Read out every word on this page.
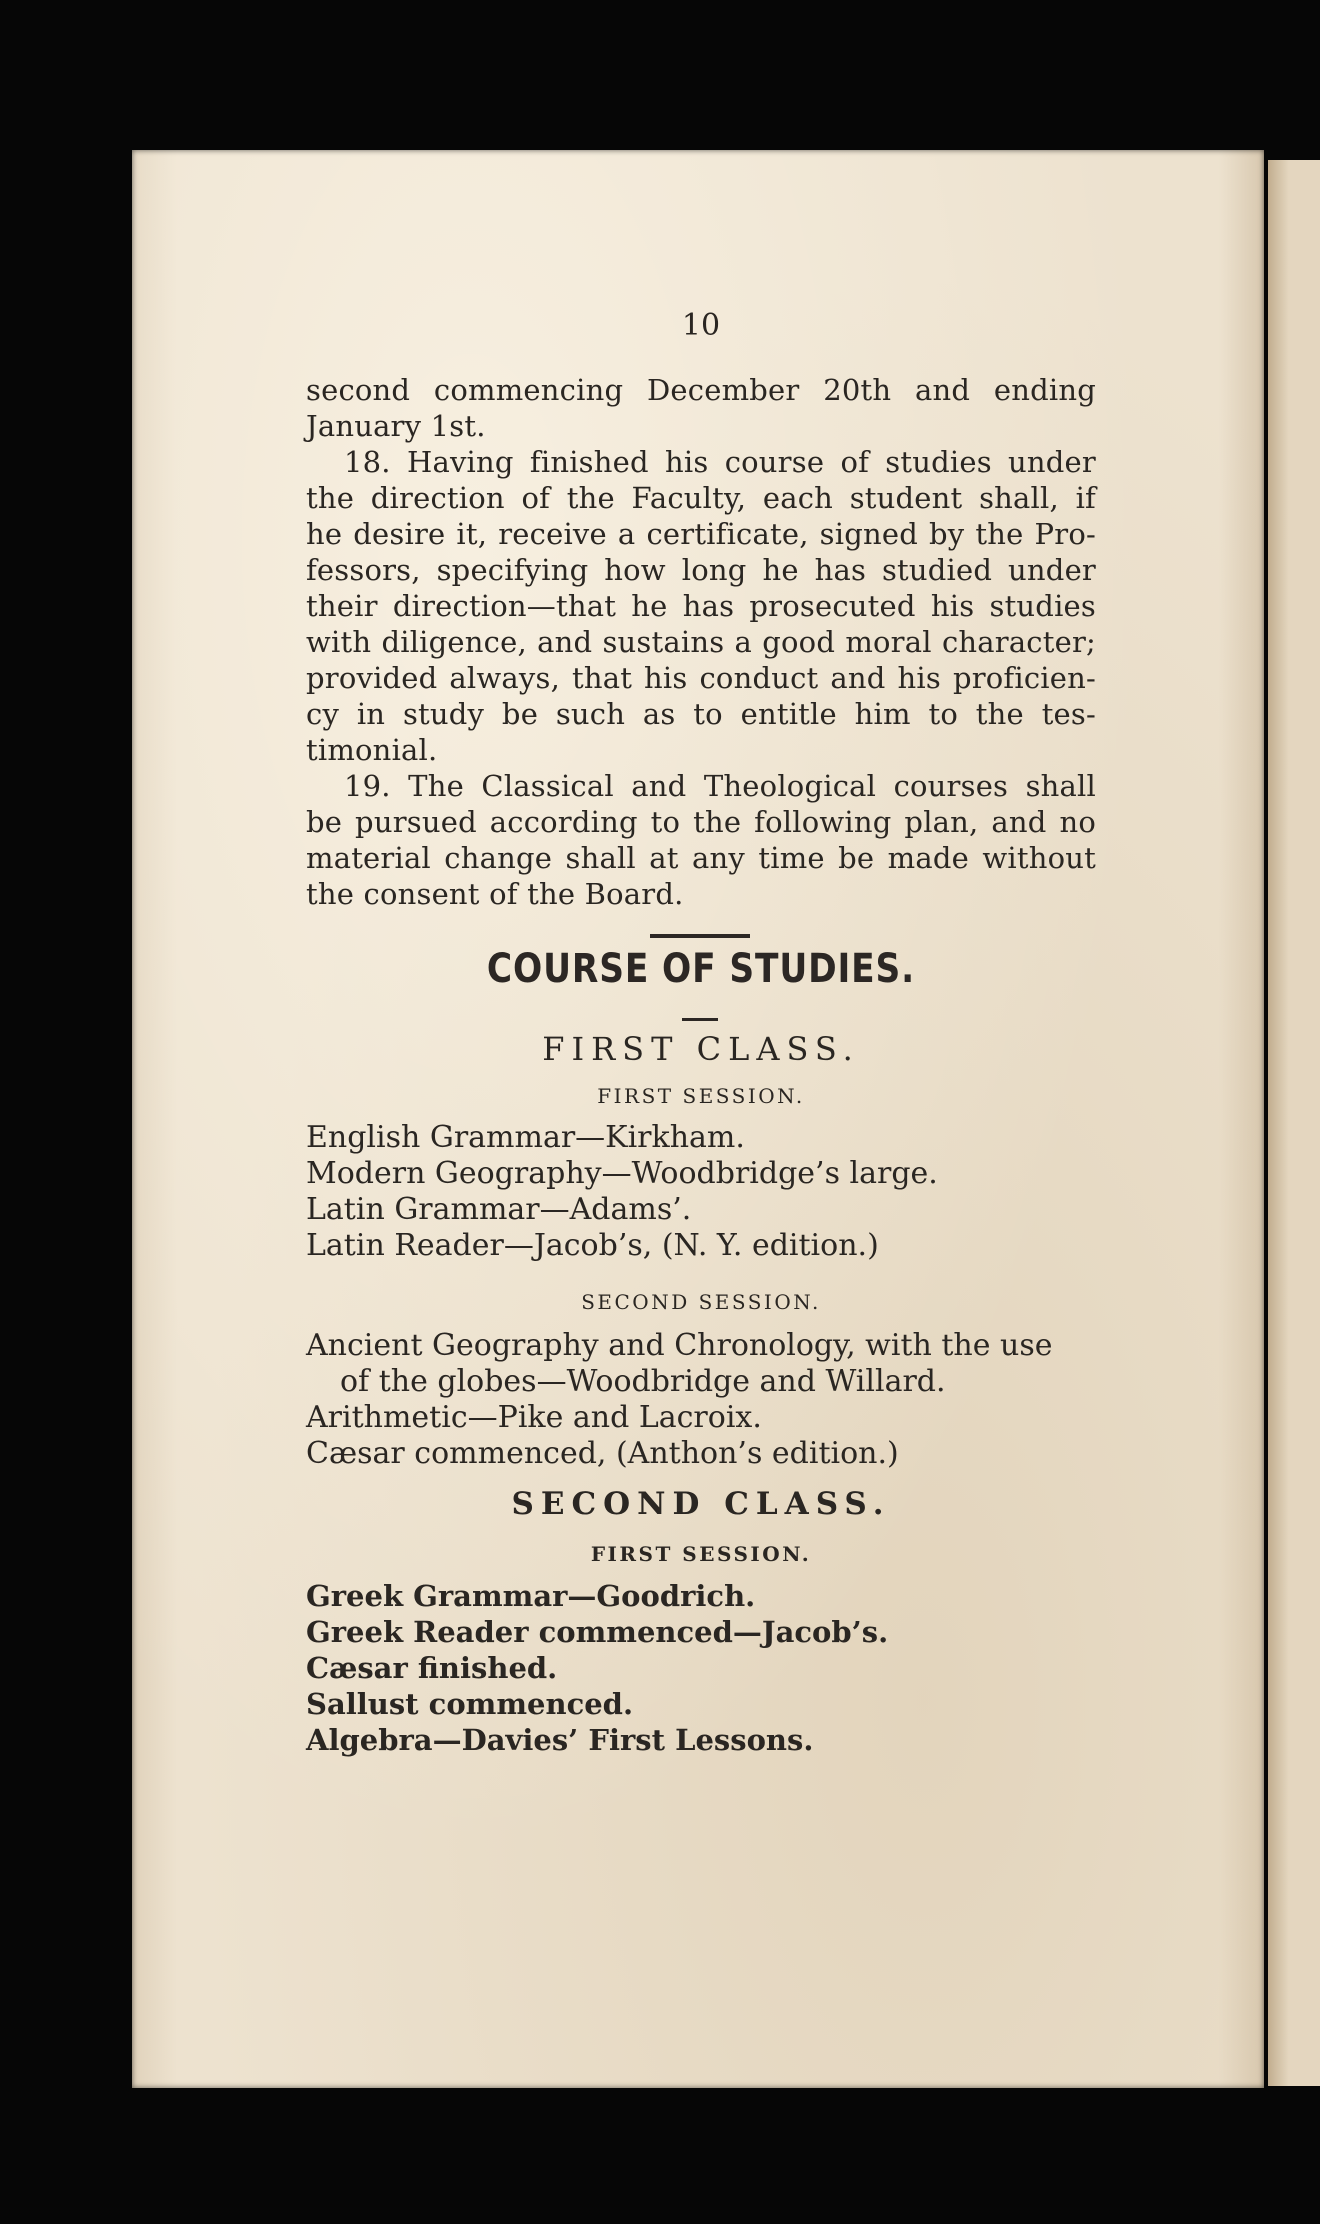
10
second commencing December 20th and ending
January 1st.
18. Having finished his course of studies under
the direction of the Faculty, each student shall, if
he desire it, receive a certificate, signed by the Pro-
fessors, specifying how long he has studied under
their direction—that he has prosecuted his studies
with diligence, and sustains a good moral character;
provided always, that his conduct and his proficien-
cy in study be such as to entitle him to the tes-
timonial.
19. The Classical and Theological courses shall
be pursued according to the following plan, and no
material change shall at any time be made without
the consent of the Board.
COURSE OF STUDIES.
FIRST CLASS.
FIRST SESSION.
English Grammar—Kirkham.
Modern Geography—Woodbridge’s large.
Latin Grammar—Adams’.
Latin Reader—Jacob’s, (N. Y. edition.)
SECOND SESSION.
Ancient Geography and Chronology, with the use
of the globes—Woodbridge and Willard.
Arithmetic—Pike and Lacroix.
Cæsar commenced, (Anthon’s edition.)
SECOND CLASS.
FIRST SESSION.
Greek Grammar—Goodrich.
Greek Reader commenced—Jacob’s.
Cæsar finished.
Sallust commenced.
Algebra—Davies’ First Lessons.
